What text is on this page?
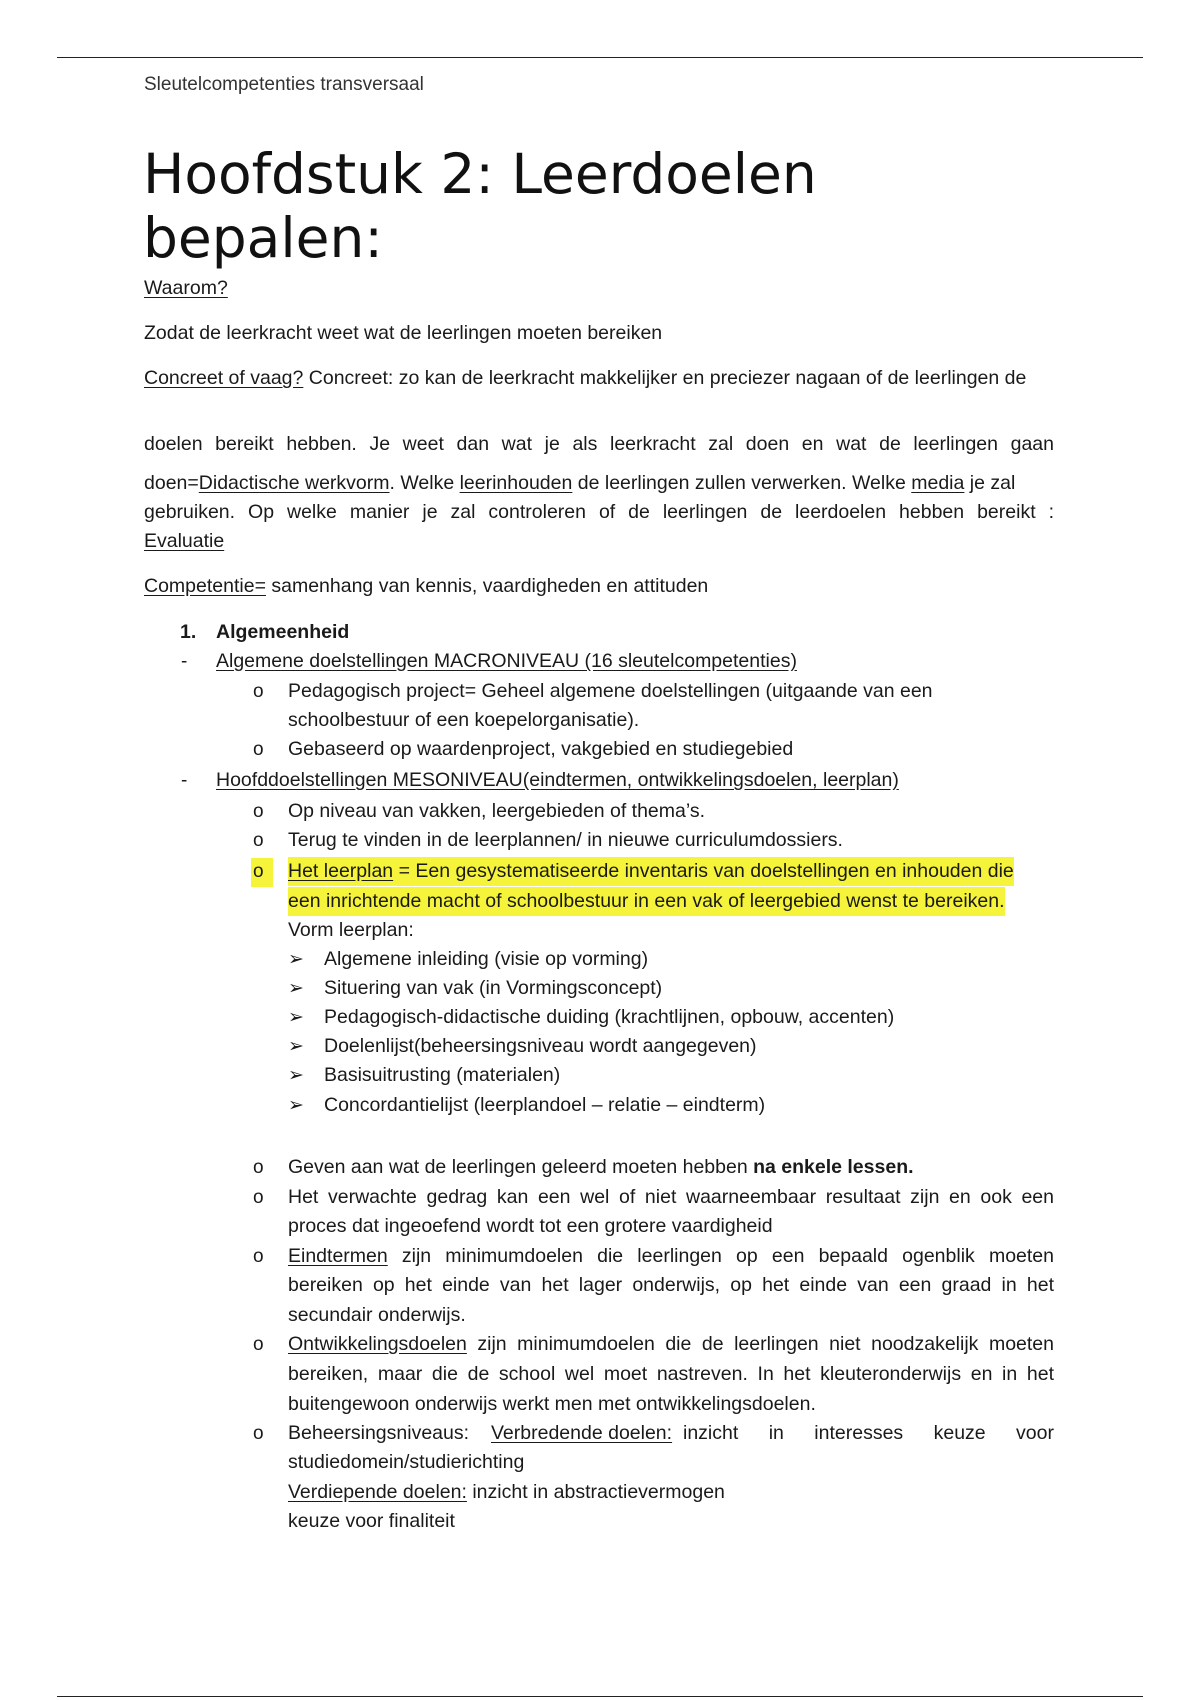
Sleutelcompetenties transversaal
Hoofdstuk 2: Leerdoelen bepalen:
Waarom?
Zodat de leerkracht weet wat de leerlingen moeten bereiken
Concreet of vaag? Concreet: zo kan de leerkracht makkelijker en preciezer nagaan of de leerlingen de
doelen bereikt hebben. Je weet dan wat je als leerkracht zal doen en wat de leerlingen gaan
doen=Didactische werkvorm. Welke leerinhouden de leerlingen zullen verwerken. Welke media je zal
gebruiken. Op welke manier je zal controleren of de leerlingen de leerdoelen hebben bereikt :
Evaluatie
Competentie= samenhang van kennis, vaardigheden en attituden
1. Algemeenheid
- Algemene doelstellingen MACRONIVEAU (16 sleutelcompetenties)
o Pedagogisch project= Geheel algemene doelstellingen (uitgaande van een
schoolbestuur of een koepelorganisatie).
o Gebaseerd op waardenproject, vakgebied en studiegebied
- Hoofddoelstellingen MESONIVEAU(eindtermen, ontwikkelingsdoelen, leerplan)
o Op niveau van vakken, leergebieden of thema’s.
o Terug te vinden in de leerplannen/ in nieuwe curriculumdossiers.
o Het leerplan = Een gesystematiseerde inventaris van doelstellingen en inhouden die
een inrichtende macht of schoolbestuur in een vak of leergebied wenst te bereiken.
Vorm leerplan:
➢ Algemene inleiding (visie op vorming)
➢ Situering van vak (in Vormingsconcept)
➢ Pedagogisch-didactische duiding (krachtlijnen, opbouw, accenten)
➢ Doelenlijst(beheersingsniveau wordt aangegeven)
➢ Basisuitrusting (materialen)
➢ Concordantielijst (leerplandoel – relatie – eindterm)
o Geven aan wat de leerlingen geleerd moeten hebben na enkele lessen.
o Het verwachte gedrag kan een wel of niet waarneembaar resultaat zijn en ook een
proces dat ingeoefend wordt tot een grotere vaardigheid
o Eindtermen zijn minimumdoelen die leerlingen op een bepaald ogenblik moeten
bereiken op het einde van het lager onderwijs, op het einde van een graad in het
secundair onderwijs.
o Ontwikkelingsdoelen zijn minimumdoelen die de leerlingen niet noodzakelijk moeten
bereiken, maar die de school wel moet nastreven. In het kleuteronderwijs en in het
buitengewoon onderwijs werkt men met ontwikkelingsdoelen.
o Beheersingsniveaus: Verbredende doelen: inzicht in interesses keuze voor
studiedomein/studierichting
Verdiepende doelen: inzicht in abstractievermogen
keuze voor finaliteit
